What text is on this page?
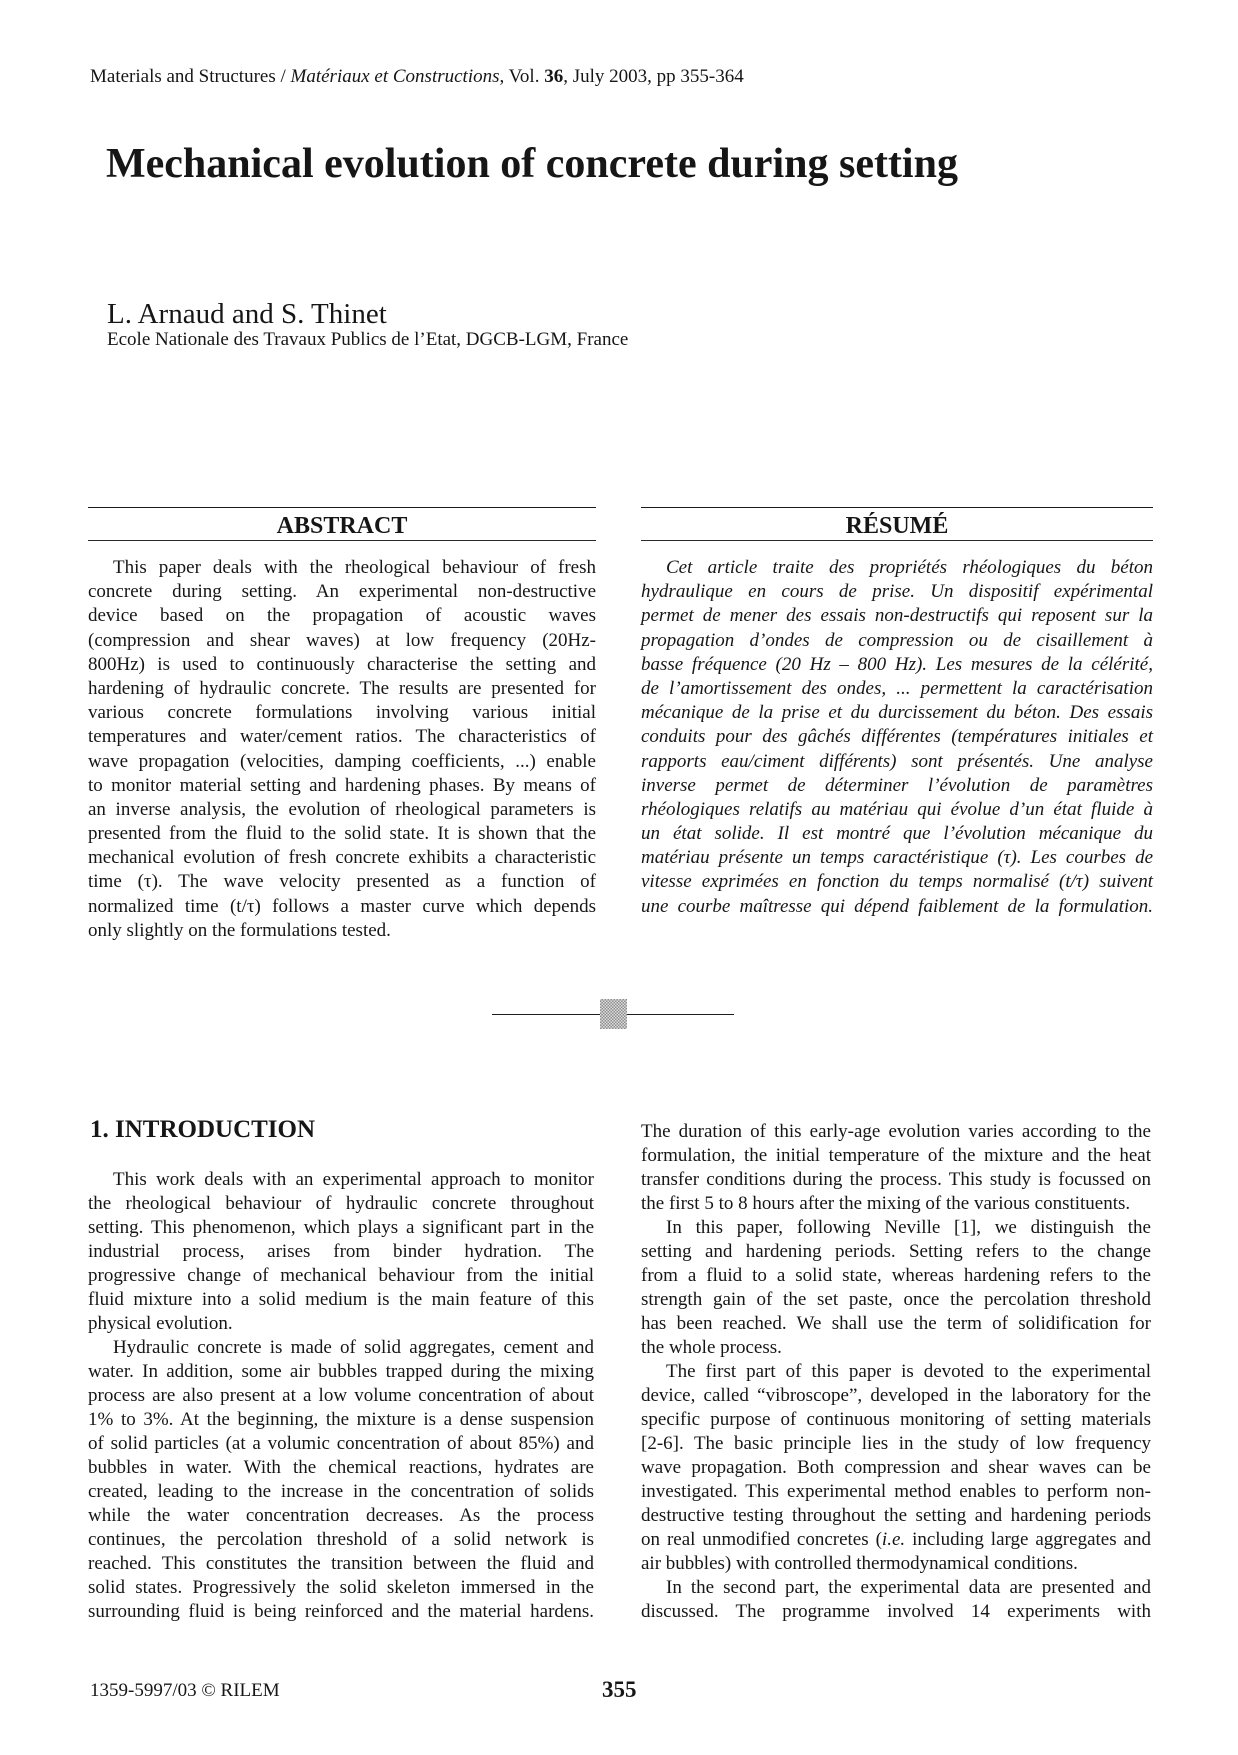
Materials and Structures / Matériaux et Constructions, Vol. 36, July 2003, pp 355-364
Mechanical evolution of concrete during setting
L. Arnaud and S. Thinet
Ecole Nationale des Travaux Publics de l’Etat, DGCB-LGM, France
ABSTRACT
This paper deals with the rheological behaviour of fresh
concrete during setting. An experimental non-destructive
device based on the propagation of acoustic waves
(compression and shear waves) at low frequency (20Hz-
800Hz) is used to continuously characterise the setting and
hardening of hydraulic concrete. The results are presented for
various concrete formulations involving various initial
temperatures and water/cement ratios. The characteristics of
wave propagation (velocities, damping coefficients, ...) enable
to monitor material setting and hardening phases. By means of
an inverse analysis, the evolution of rheological parameters is
presented from the fluid to the solid state. It is shown that the
mechanical evolution of fresh concrete exhibits a characteristic
time (τ). The wave velocity presented as a function of
normalized time (t/τ) follows a master curve which depends
only slightly on the formulations tested.
RÉSUMÉ
Cet article traite des propriétés rhéologiques du béton
hydraulique en cours de prise. Un dispositif expérimental
permet de mener des essais non-destructifs qui reposent sur la
propagation d’ondes de compression ou de cisaillement à
basse fréquence (20 Hz – 800 Hz). Les mesures de la célérité,
de l’amortissement des ondes, ... permettent la caractérisation
mécanique de la prise et du durcissement du béton. Des essais
conduits pour des gâchés différentes (températures initiales et
rapports eau/ciment différents) sont présentés. Une analyse
inverse permet de déterminer l’évolution de paramètres
rhéologiques relatifs au matériau qui évolue d’un état fluide à
un état solide. Il est montré que l’évolution mécanique du
matériau présente un temps caractéristique (τ). Les courbes de
vitesse exprimées en fonction du temps normalisé (t/τ) suivent
une courbe maîtresse qui dépend faiblement de la formulation.
1. INTRODUCTION
This work deals with an experimental approach to monitor
the rheological behaviour of hydraulic concrete throughout
setting. This phenomenon, which plays a significant part in the
industrial process, arises from binder hydration. The
progressive change of mechanical behaviour from the initial
fluid mixture into a solid medium is the main feature of this
physical evolution.
Hydraulic concrete is made of solid aggregates, cement and
water. In addition, some air bubbles trapped during the mixing
process are also present at a low volume concentration of about
1% to 3%. At the beginning, the mixture is a dense suspension
of solid particles (at a volumic concentration of about 85%) and
bubbles in water. With the chemical reactions, hydrates are
created, leading to the increase in the concentration of solids
while the water concentration decreases. As the process
continues, the percolation threshold of a solid network is
reached. This constitutes the transition between the fluid and
solid states. Progressively the solid skeleton immersed in the
surrounding fluid is being reinforced and the material hardens.
The duration of this early-age evolution varies according to the
formulation, the initial temperature of the mixture and the heat
transfer conditions during the process. This study is focussed on
the first 5 to 8 hours after the mixing of the various constituents.
In this paper, following Neville [1], we distinguish the
setting and hardening periods. Setting refers to the change
from a fluid to a solid state, whereas hardening refers to the
strength gain of the set paste, once the percolation threshold
has been reached. We shall use the term of solidification for
the whole process.
The first part of this paper is devoted to the experimental
device, called “vibroscope”, developed in the laboratory for the
specific purpose of continuous monitoring of setting materials
[2-6]. The basic principle lies in the study of low frequency
wave propagation. Both compression and shear waves can be
investigated. This experimental method enables to perform non-
destructive testing throughout the setting and hardening periods
on real unmodified concretes (i.e. including large aggregates and
air bubbles) with controlled thermodynamical conditions.
In the second part, the experimental data are presented and
discussed. The programme involved 14 experiments with
1359-5997/03 © RILEM	355
